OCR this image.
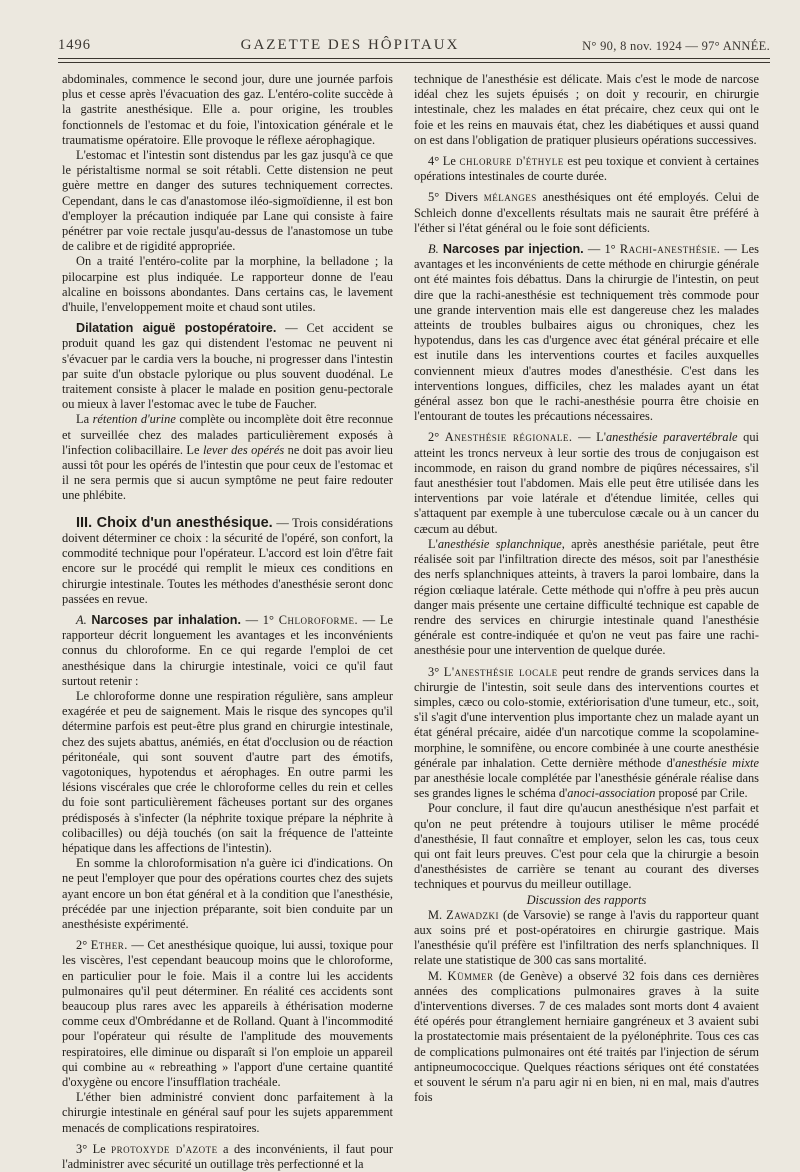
1496	GAZETTE DES HÔPITAUX	N° 90, 8 nov. 1924 — 97° ANNÉE.

abdominales, commence le second jour, dure une journée parfois plus et cesse après l'évacuation des gaz. L'entéro-colite succède à la gastrite anesthésique. Elle a. pour origine, les troubles fonctionnels de l'estomac et du foie, l'intoxication générale et le traumatisme opératoire. Elle provoque le réflexe aérophagique.

L'estomac et l'intestin sont distendus par les gaz jusqu'à ce que le péristaltisme normal se soit rétabli. Cette distension ne peut guère mettre en danger des sutures techniquement correctes. Cependant, dans le cas d'anastomose iléo-sigmoïdienne, il est bon d'employer la précaution indiquée par Lane qui consiste à faire pénétrer par voie rectale jusqu'au-dessus de l'anastomose un tube de calibre et de rigidité appropriée.

On a traité l'entéro-colite par la morphine, la belladone ; la pilocarpine est plus indiquée. Le rapporteur donne de l'eau alcaline en boissons abondantes. Dans certains cas, le lavement d'huile, l'enveloppement moite et chaud sont utiles.

Dilatation aiguë postopératoire. — Cet accident se produit quand les gaz qui distendent l'estomac ne peuvent ni s'évacuer par le cardia vers la bouche, ni progresser dans l'intestin par suite d'un obstacle pylorique ou plus souvent duodénal. Le traitement consiste à placer le malade en position genu-pectorale ou mieux à laver l'estomac avec le tube de Faucher.

La rétention d'urine complète ou incomplète doit être reconnue et surveillée chez des malades particulièrement exposés à l'infection colibacillaire. Le lever des opérés ne doit pas avoir lieu aussi tôt pour les opérés de l'intestin que pour ceux de l'estomac et il ne sera permis que si aucun symptôme ne peut faire redouter une phlébite.

III. Choix d'un anesthésique. — Trois considérations doivent déterminer ce choix : la sécurité de l'opéré, son confort, la commodité technique pour l'opérateur. L'accord est loin d'être fait encore sur le procédé qui remplit le mieux ces conditions en chirurgie intestinale. Toutes les méthodes d'anesthésie seront donc passées en revue.

A. Narcoses par inhalation. — 1° Chloroforme. — Le rapporteur décrit longuement les avantages et les inconvénients connus du chloroforme. En ce qui regarde l'emploi de cet anesthésique dans la chirurgie intestinale, voici ce qu'il faut surtout retenir :

Le chloroforme donne une respiration régulière, sans ampleur exagérée et peu de saignement. Mais le risque des syncopes qu'il détermine parfois est peut-être plus grand en chirurgie intestinale, chez des sujets abattus, anémiés, en état d'occlusion ou de réaction péritonéale, qui sont souvent d'autre part des émotifs, vagotoniques, hypotendus et aérophages. En outre parmi les lésions viscérales que crée le chloroforme celles du rein et celles du foie sont particulièrement fâcheuses portant sur des organes prédisposés à s'infecter (la néphrite toxique prépare la néphrite à colibacilles) ou déjà touchés (on sait la fréquence de l'atteinte hépatique dans les affections de l'intestin).

En somme la chloroformisation n'a guère ici d'indications. On ne peut l'employer que pour des opérations courtes chez des sujets ayant encore un bon état général et à la condition que l'anesthésie, précédée par une injection préparante, soit bien conduite par un anesthésiste expérimenté.

2° Ether. — Cet anesthésique quoique, lui aussi, toxique pour les viscères, l'est cependant beaucoup moins que le chloroforme, en particulier pour le foie. Mais il a contre lui les accidents pulmonaires qu'il peut déterminer. En réalité ces accidents sont beaucoup plus rares avec les appareils à éthérisation moderne comme ceux d'Ombrédanne et de Rolland. Quant à l'incommodité pour l'opérateur qui résulte de l'amplitude des mouvements respiratoires, elle diminue ou disparaît si l'on emploie un appareil qui combine au « rebreathing » l'apport d'une certaine quantité d'oxygène ou encore l'insufflation trachéale.

L'éther bien administré convient donc parfaitement à la chirurgie intestinale en général sauf pour les sujets apparemment menacés de complications respiratoires.

3° Le protoxyde d'azote a des inconvénients, il faut pour l'administrer avec sécurité un outillage très perfectionné et la

technique de l'anesthésie est délicate. Mais c'est le mode de narcose idéal chez les sujets épuisés ; on doit y recourir, en chirurgie intestinale, chez les malades en état précaire, chez ceux qui ont le foie et les reins en mauvais état, chez les diabétiques et aussi quand on est dans l'obligation de pratiquer plusieurs opérations successives.

4° Le chlorure d'éthyle est peu toxique et convient à certaines opérations intestinales de courte durée.

5° Divers mélanges anesthésiques ont été employés. Celui de Schleich donne d'excellents résultats mais ne saurait être préféré à l'éther si l'état général ou le foie sont déficients.

B. Narcoses par injection. — 1° Rachi-anesthésie. — Les avantages et les inconvénients de cette méthode en chirurgie générale ont été maintes fois débattus. Dans la chirurgie de l'intestin, on peut dire que la rachi-anesthésie est techniquement très commode pour une grande intervention mais elle est dangereuse chez les malades atteints de troubles bulbaires aigus ou chroniques, chez les hypotendus, dans les cas d'urgence avec état général précaire et elle est inutile dans les interventions courtes et faciles auxquelles conviennent mieux d'autres modes d'anesthésie. C'est dans les interventions longues, difficiles, chez les malades ayant un état général assez bon que le rachi-anesthésie pourra être choisie en l'entourant de toutes les précautions nécessaires.

2° Anesthésie régionale. — L'anesthésie paravertébrale qui atteint les troncs nerveux à leur sortie des trous de conjugaison est incommode, en raison du grand nombre de piqûres nécessaires, s'il faut anesthésier tout l'abdomen. Mais elle peut être utilisée dans les interventions par voie latérale et d'étendue limitée, celles qui s'attaquent par exemple à une tuberculose cæcale ou à un cancer du cæcum au début.

L'anesthésie splanchnique, après anesthésie pariétale, peut être réalisée soit par l'infiltration directe des mésos, soit par l'anesthésie des nerfs splanchniques atteints, à travers la paroi lombaire, dans la région cœliaque latérale. Cette méthode qui n'offre à peu près aucun danger mais présente une certaine difficulté technique est capable de rendre des services en chirurgie intestinale quand l'anesthésie générale est contre-indiquée et qu'on ne veut pas faire une rachi-anesthésie pour une intervention de quelque durée.

3° L'anesthésie locale peut rendre de grands services dans la chirurgie de l'intestin, soit seule dans des interventions courtes et simples, cæco ou colo-stomie, extériorisation d'une tumeur, etc., soit, s'il s'agit d'une intervention plus importante chez un malade ayant un état général précaire, aidée d'un narcotique comme la scopolamine-morphine, le somnifène, ou encore combinée à une courte anesthésie générale par inhalation. Cette dernière méthode d'anesthésie mixte par anesthésie locale complétée par l'anesthésie générale réalise dans ses grandes lignes le schéma d'anoci-association proposé par Crile.

Pour conclure, il faut dire qu'aucun anesthésique n'est parfait et qu'on ne peut prétendre à toujours utiliser le même procédé d'anesthésie, Il faut connaître et employer, selon les cas, tous ceux qui ont fait leurs preuves. C'est pour cela que la chirurgie a besoin d'anesthésistes de carrière se tenant au courant des diverses techniques et pourvus du meilleur outillage.

Discussion des rapports

M. Zawadzki (de Varsovie) se range à l'avis du rapporteur quant aux soins pré et post-opératoires en chirurgie gastrique. Mais l'anesthésie qu'il préfère est l'infiltration des nerfs splanchniques. Il relate une statistique de 300 cas sans mortalité.

M. Kümmer (de Genève) a observé 32 fois dans ces dernières années des complications pulmonaires graves à la suite d'interventions diverses. 7 de ces malades sont morts dont 4 avaient été opérés pour étranglement herniaire gangréneux et 3 avaient subi la prostatectomie mais présentaient de la pyélonéphrite. Tous ces cas de complications pulmonaires ont été traités par l'injection de sérum antipneumococcique. Quelques réactions sériques ont été constatées et souvent le sérum n'a paru agir ni en bien, ni en mal, mais d'autres fois
